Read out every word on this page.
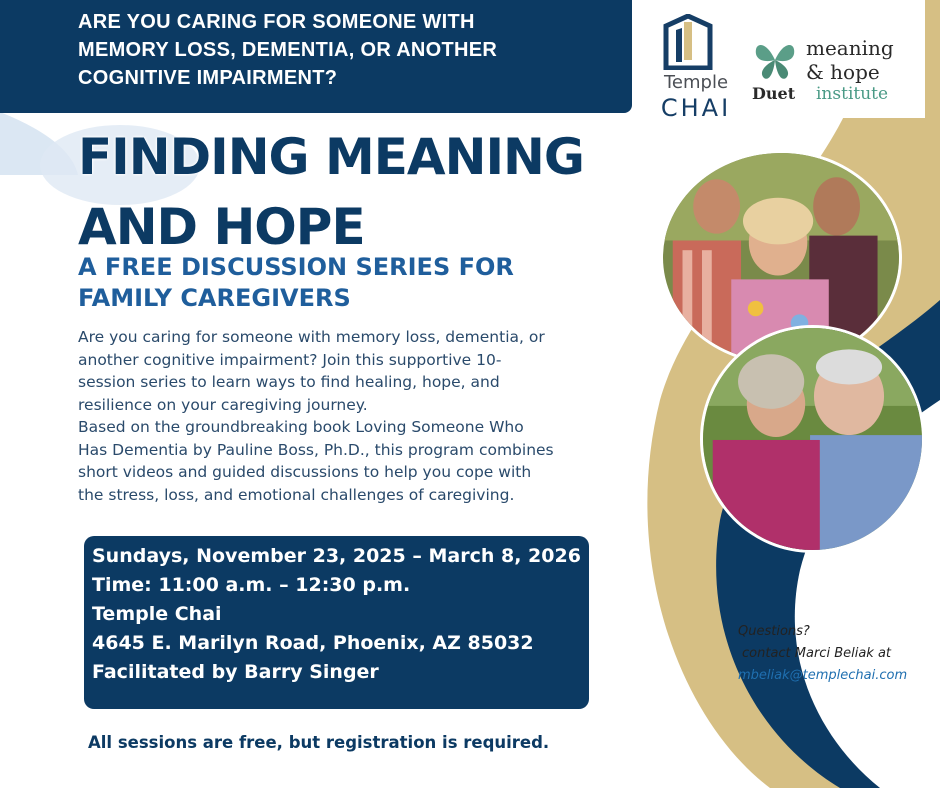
ARE YOU CARING FOR SOMEONE WITH
MEMORY LOSS, DEMENTIA, OR ANOTHER
COGNITIVE IMPAIRMENT?	Temple
CHAI
Duet
meaning
& hope
institute
FINDING MEANING
AND HOPE
A FREE DISCUSSION SERIES FOR
FAMILY CAREGIVERS
Are you caring for someone with memory loss, dementia, or
another cognitive impairment? Join this supportive 10-
session series to learn ways to find healing, hope, and
resilience on your caregiving journey.
Based on the groundbreaking book Loving Someone Who
Has Dementia by Pauline Boss, Ph.D., this program combines
short videos and guided discussions to help you cope with
the stress, loss, and emotional challenges of caregiving.
Sundays, November 23, 2025 – March 8, 2026
Time: 11:00 a.m. – 12:30 p.m.
Temple Chai
4645 E. Marilyn Road, Phoenix, AZ 85032
Facilitated by Barry Singer
All sessions are free, but registration is required.
Questions?
contact Marci Beliak at
mbeliak@templechai.com
